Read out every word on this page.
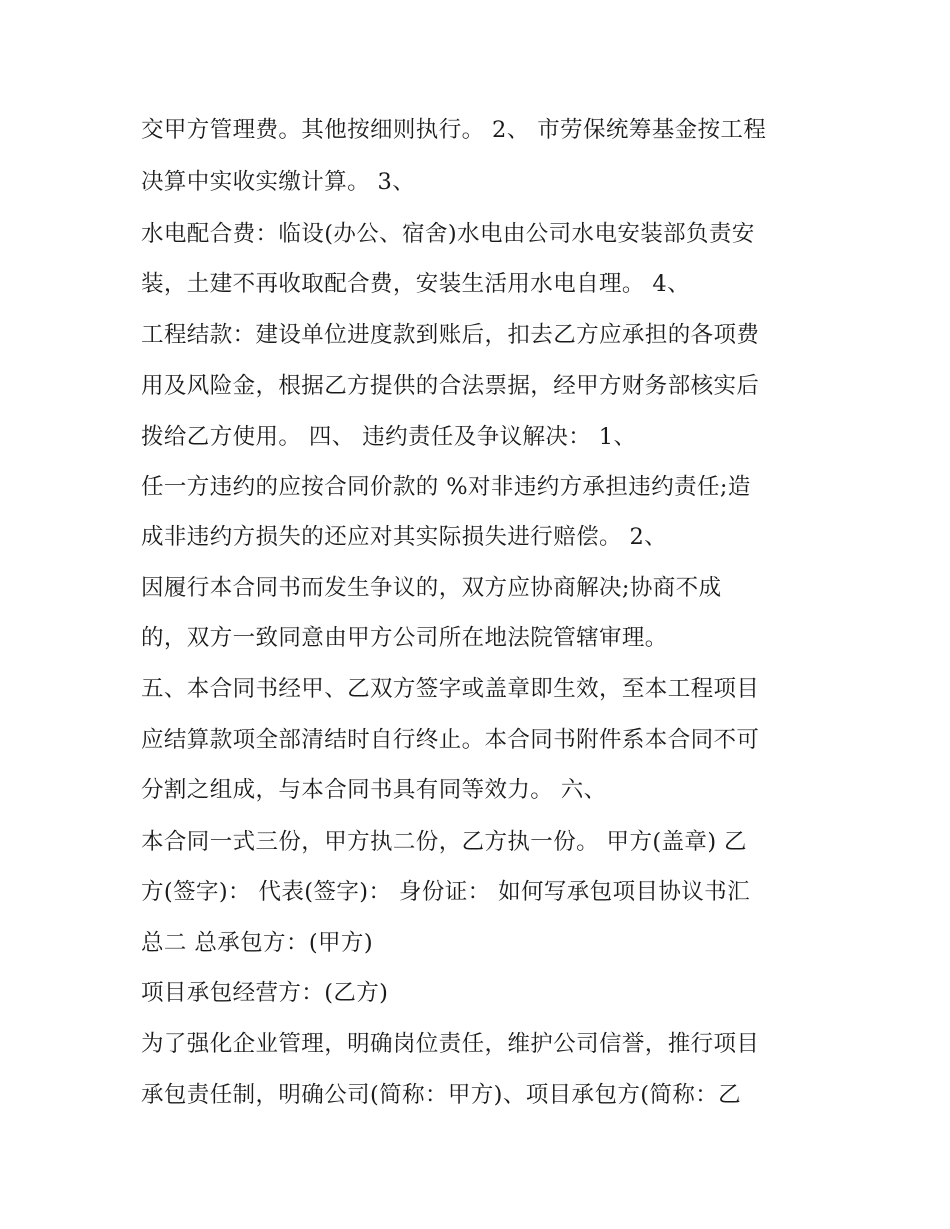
交甲方管理费。其他按细则执行。 2、 市劳保统筹基金按工程
决算中实收实缴计算。 3、
水电配合费：临设(办公、宿舍)水电由公司水电安装部负责安
装，土建不再收取配合费，安装生活用水电自理。 4、
工程结款：建设单位进度款到账后，扣去乙方应承担的各项费
用及风险金，根据乙方提供的合法票据，经甲方财务部核实后
拨给乙方使用。 四、 违约责任及争议解决： 1、
任一方违约的应按合同价款的 %对非违约方承担违约责任;造
成非违约方损失的还应对其实际损失进行赔偿。 2、
因履行本合同书而发生争议的，双方应协商解决;协商不成
的，双方一致同意由甲方公司所在地法院管辖审理。
五、本合同书经甲、乙双方签字或盖章即生效，至本工程项目
应结算款项全部清结时自行终止。本合同书附件系本合同不可
分割之组成，与本合同书具有同等效力。 六、
本合同一式三份，甲方执二份，乙方执一份。 甲方(盖章) 乙
方(签字)： 代表(签字)： 身份证： 如何写承包项目协议书汇
总二 总承包方：(甲方)
项目承包经营方：(乙方)
为了强化企业管理，明确岗位责任，维护公司信誉，推行项目
承包责任制，明确公司(简称：甲方)、项目承包方(简称：乙
